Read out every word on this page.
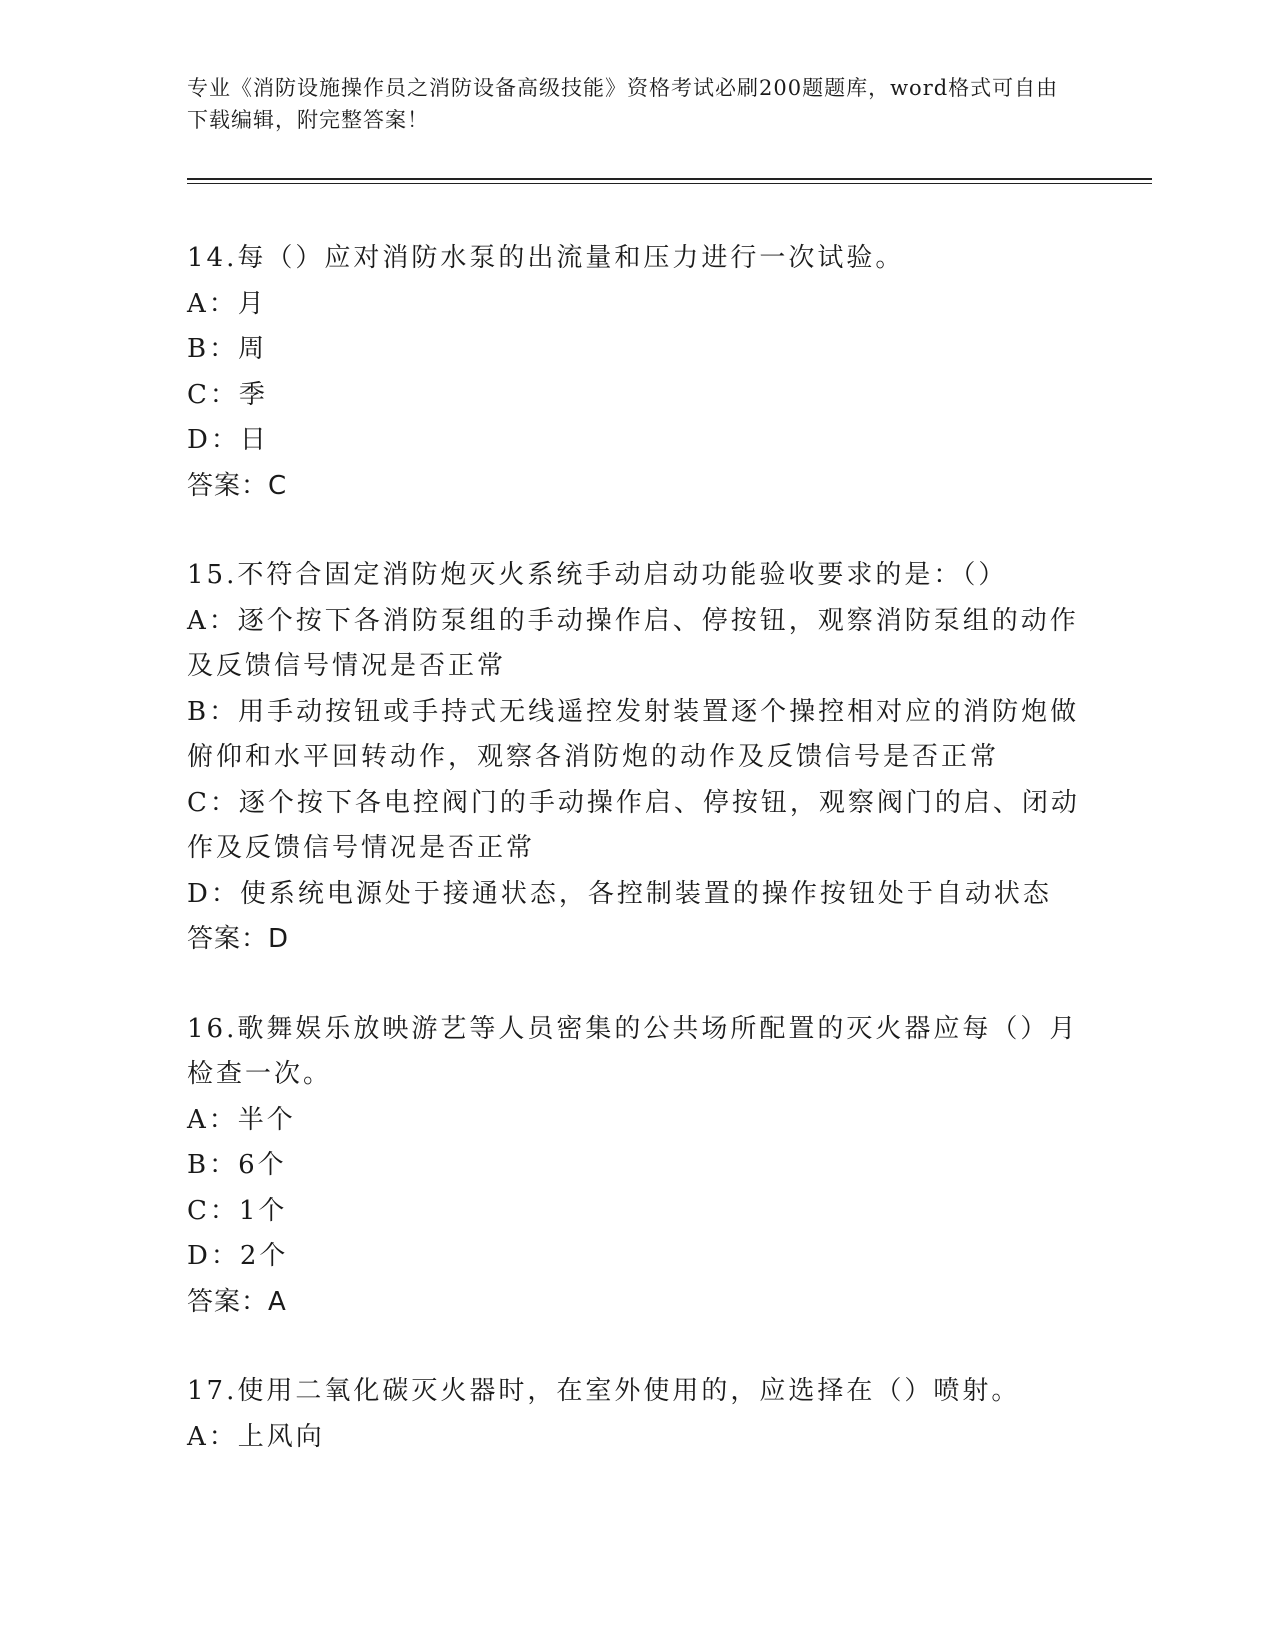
专业《消防设施操作员之消防设备高级技能》资格考试必刷200题题库，word格式可自由下载编辑，附完整答案！
14.每（）应对消防水泵的出流量和压力进行一次试验。
A：月
B：周
C：季
D：日
答案：C
15.不符合固定消防炮灭火系统手动启动功能验收要求的是：（）
A：逐个按下各消防泵组的手动操作启、停按钮，观察消防泵组的动作及反馈信号情况是否正常
B：用手动按钮或手持式无线遥控发射装置逐个操控相对应的消防炮做俯仰和水平回转动作，观察各消防炮的动作及反馈信号是否正常
C：逐个按下各电控阀门的手动操作启、停按钮，观察阀门的启、闭动作及反馈信号情况是否正常
D：使系统电源处于接通状态，各控制装置的操作按钮处于自动状态
答案：D
16.歌舞娱乐放映游艺等人员密集的公共场所配置的灭火器应每（）月检查一次。
A：半个
B：6个
C：1个
D：2个
答案：A
17.使用二氧化碳灭火器时，在室外使用的，应选择在（）喷射。
A：上风向
